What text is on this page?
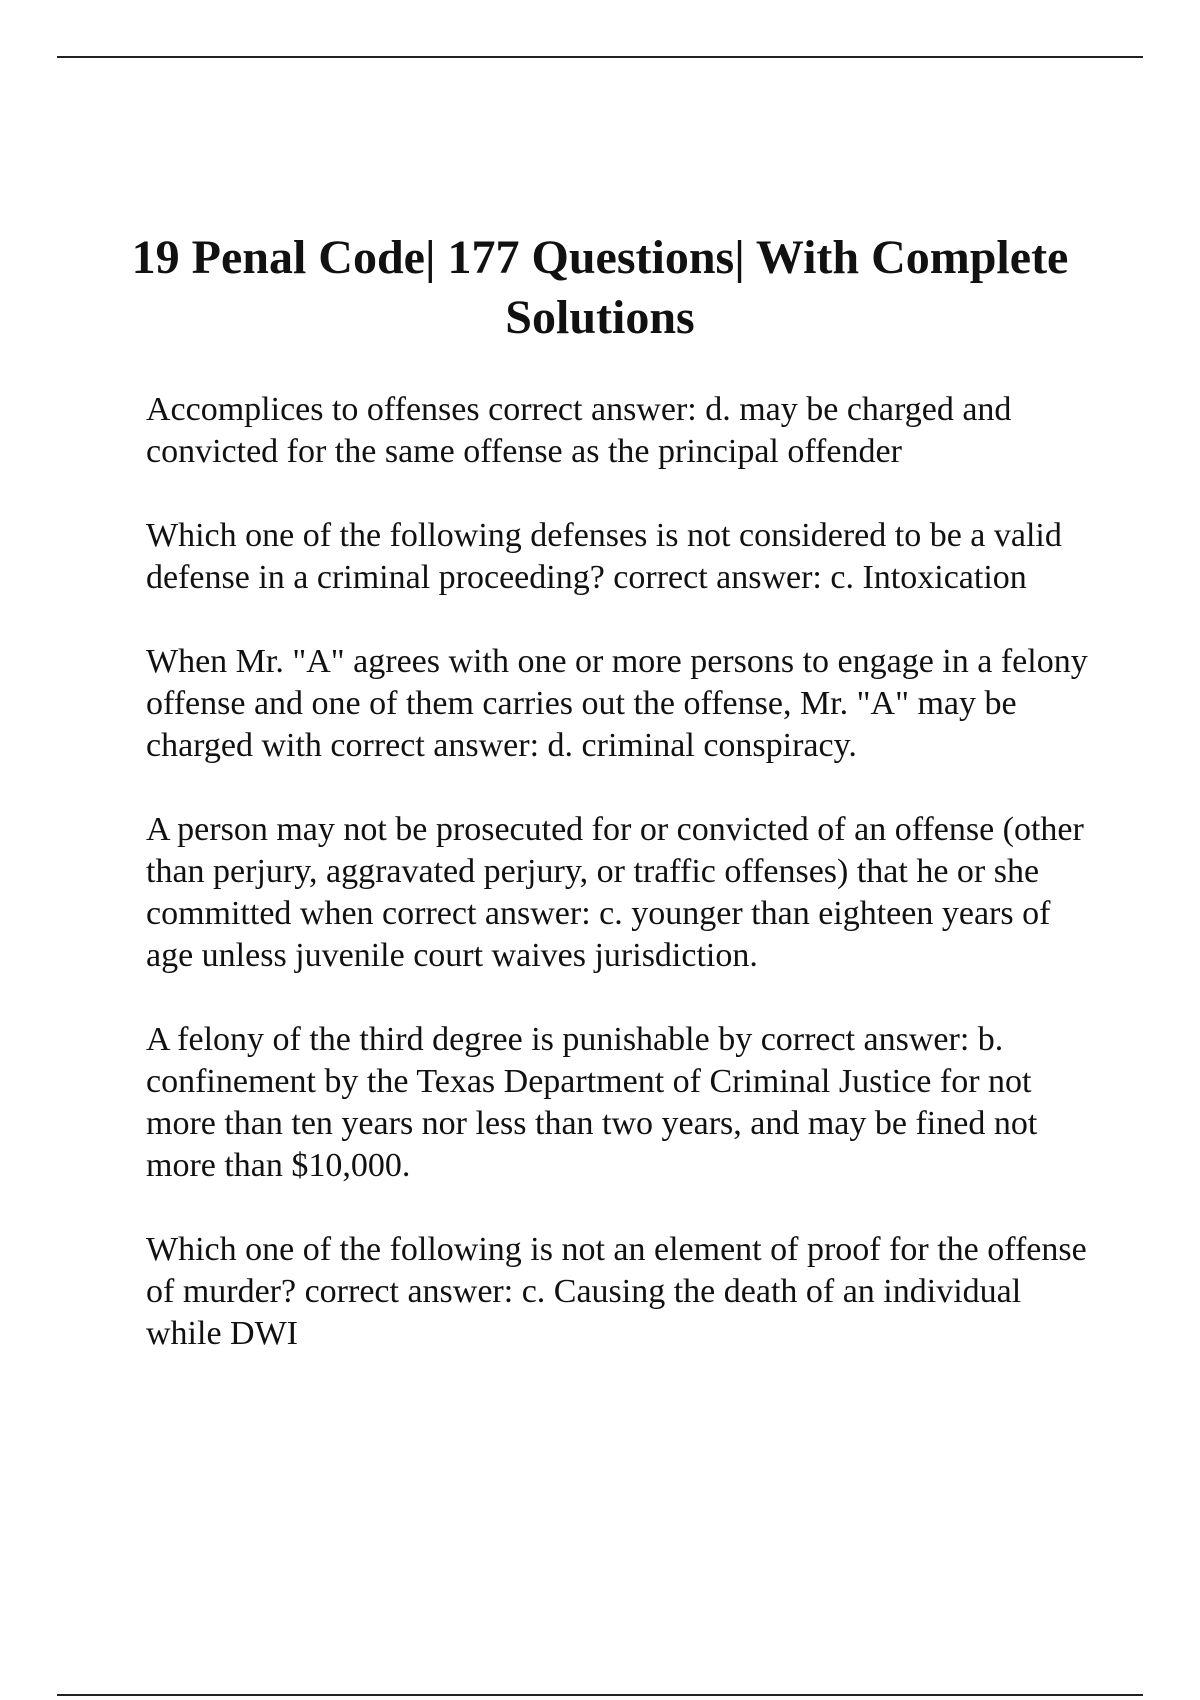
19 Penal Code| 177 Questions| With Complete Solutions

Accomplices to offenses correct answer: d. may be charged and convicted for the same offense as the principal offender

Which one of the following defenses is not considered to be a valid defense in a criminal proceeding? correct answer: c. Intoxication

When Mr. "A" agrees with one or more persons to engage in a felony offense and one of them carries out the offense, Mr. "A" may be charged with correct answer: d. criminal conspiracy.

A person may not be prosecuted for or convicted of an offense (other than perjury, aggravated perjury, or traffic offenses) that he or she committed when correct answer: c. younger than eighteen years of age unless juvenile court waives jurisdiction.

A felony of the third degree is punishable by correct answer: b. confinement by the Texas Department of Criminal Justice for not more than ten years nor less than two years, and may be fined not more than $10,000.

Which one of the following is not an element of proof for the offense of murder? correct answer: c. Causing the death of an individual while DWI
